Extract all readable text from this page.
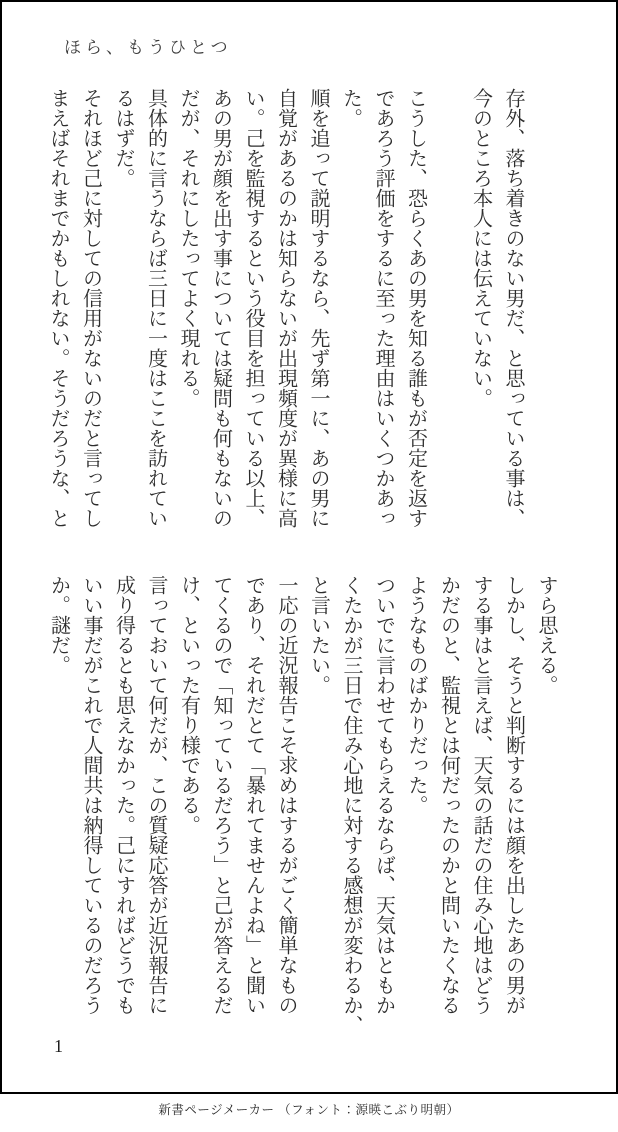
ほら、もうひとつ

存外、落ち着きのない男だ、と思っている事は、

今のところ本人には伝えていない。

こうした、恐らくあの男を知る誰もが否定を返す

であろう評価をするに至った理由はいくつかあっ

た。

順を追って説明するなら、先ず第一に、あの男に

自覚があるのかは知らないが出現頻度が異様に高

い。己を監視するという役目を担っている以上、

あの男が顔を出す事については疑問も何もないの

だが、それにしたってよく現れる。

具体的に言うならば三日に一度はここを訪れてい

るはずだ。

それほど己に対しての信用がないのだと言ってし

まえばそれまでかもしれない。そうだろうな、と

すら思える。

しかし、そうと判断するには顔を出したあの男が

する事はと言えば、天気の話だの住み心地はどう

かだのと、監視とは何だったのかと問いたくなる

ようなものばかりだった。

ついでに言わせてもらえるならば、天気はともか

くたかが三日で住み心地に対する感想が変わるか、

と言いたい。

一応の近況報告こそ求めはするがごく簡単なもの

であり、それだとて「暴れてませんよね」と聞い

てくるので「知っているだろう」と己が答えるだ

け、といった有り様である。

言っておいて何だが、この質疑応答が近況報告に

成り得るとも思えなかった。己にすればどうでも

いい事だがこれで人間共は納得しているのだろう

か。謎だ。

1
新書ページメーカー （フォント：源暎こぶり明朝）
